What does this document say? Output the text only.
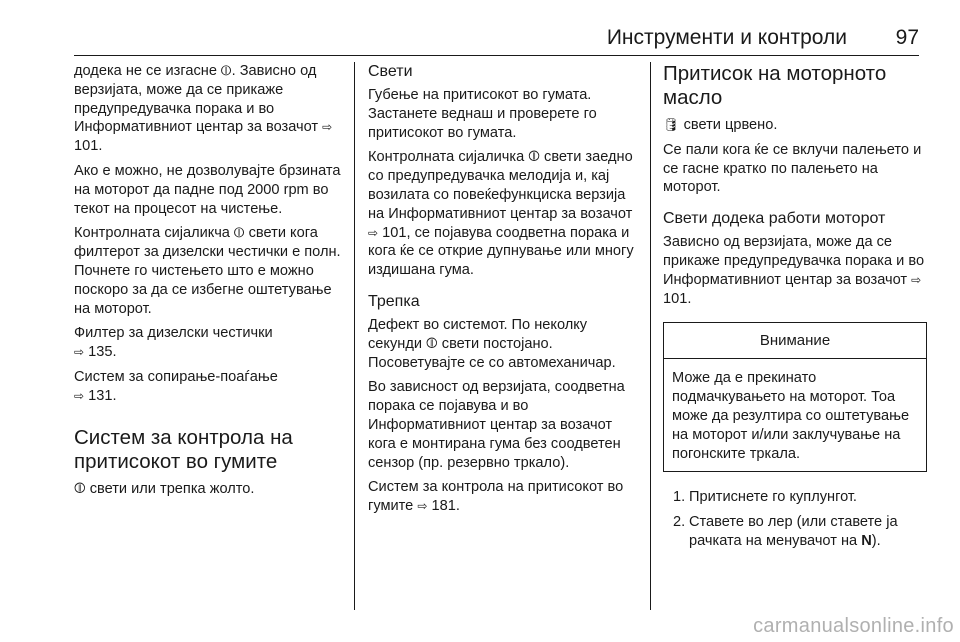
Инструменти и контроли 97

додека не се изгасне ⦶. Зависно од верзијата, може да се прикаже предупредувачка порака и во Информативниот центар за возачот ⇨ 101.

Ако е можно, не дозволувајте брзината на моторот да падне под 2000 rpm во текот на процесот на чистење.

Контролната сијаликча ⦶ свети кога филтерот за дизелски честички е полн. Почнете го чистењето што е можно поскоро за да се избегне оштетување на моторот.

Филтер за дизелски честички
⇨ 135.

Систем за сопирање-поаѓање
⇨ 131.

Систем за контрола на притисокот во гумите

⦷ свети или трепка жолто.

Свети

Губење на притисокот во гумата. Застанете веднаш и проверете го притисокот во гумата.

Контролната сијаличка ⦷ свети заедно со предупредувачка мелодија и, кај возилата со повеќефункциска верзија на Информативниот центар за возачот ⇨ 101, се појавува соодветна порака и кога ќе се открие дупнување или многу издишана гума.

Трепка

Дефект во системот. По неколку секунди ⦷ свети постојано. Посоветувајте се со автомеханичар.

Во зависност од верзијата, соодветна порака се појавува и во Информативниот центар за возачот кога е монтирана гума без соодветен сензор (пр. резервно тркало).

Систем за контрола на притисокот во гумите ⇨ 181.

Притисок на моторното масло

🛢 свети црвено.

Се пали кога ќе се вклучи палењето и се гасне кратко по палењето на моторот.

Свети додека работи моторот

Зависно од верзијата, може да се прикаже предупредувачка порака и во Информативниот центар за возачот ⇨ 101.

Внимание

Може да е прекинато подмачкувањето на моторот. Тоа може да резултира со оштетување на моторот и/или заклучување на погонските тркала.

1. Притиснете го куплунгот.
2. Ставете во лер (или ставете ја рачката на менувачот на N).
carmanualsonline.info
